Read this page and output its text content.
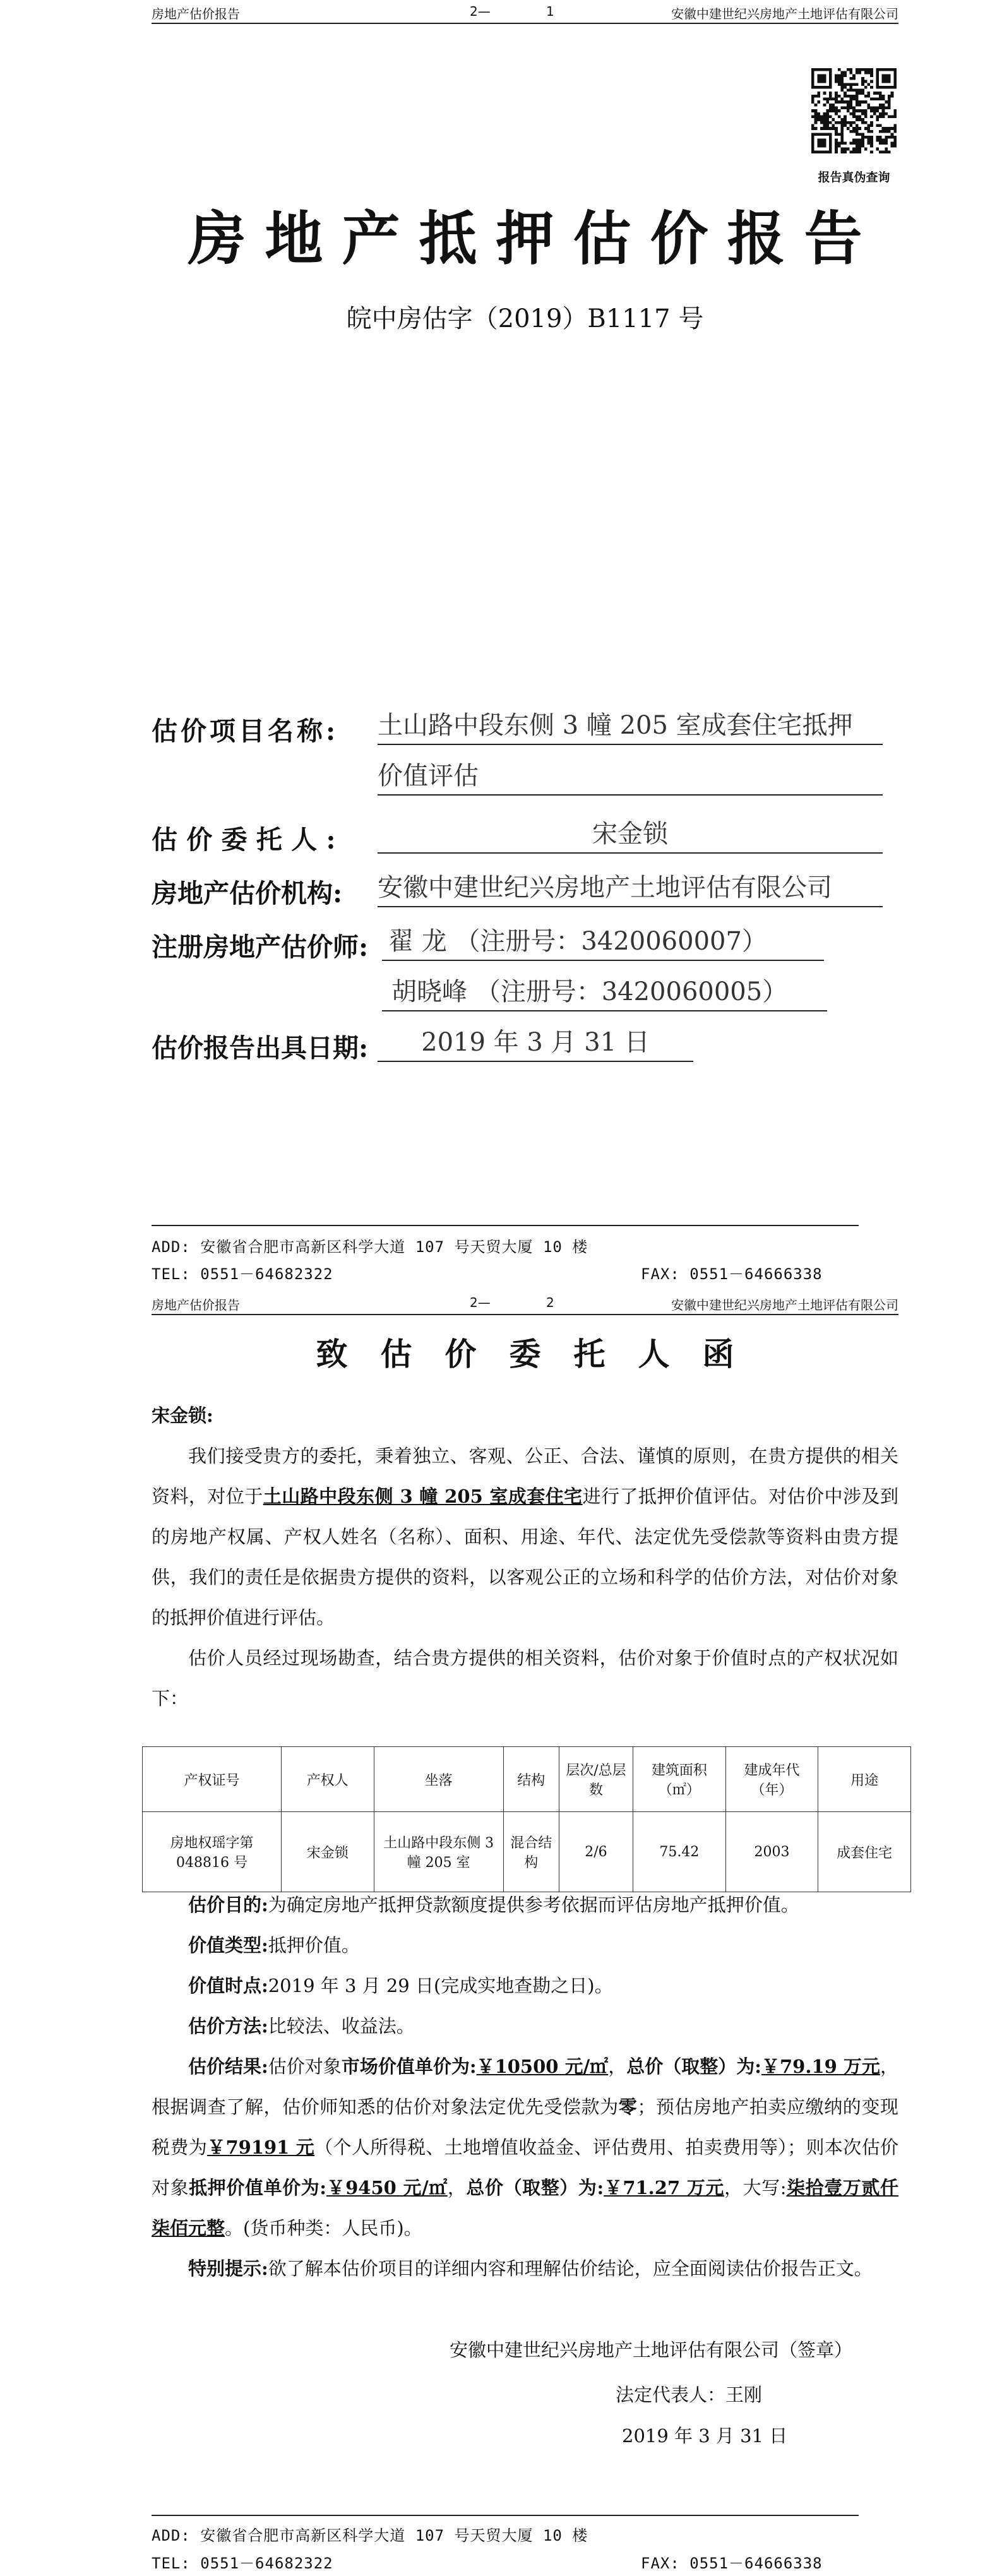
房地产估价报告	2—	1	安徽中建世纪兴房地产土地评估有限公司
报告真伪查询
房地产抵押估价报告
皖中房估字（2019）B1117 号
估价项目名称: 土山路中段东侧 3 幢 205 室成套住宅抵押
价值评估
估 价 委 托 人 :	宋金锁
房地产估价机构: 安徽中建世纪兴房地产土地评估有限公司
注册房地产估价师: 翟 龙 （注册号：3420060007）
胡晓峰 （注册号：3420060005）
估价报告出具日期:	2019 年 3 月 31 日
ADD: 安徽省合肥市高新区科学大道 107 号天贸大厦 10 楼
TEL: 0551－64682322	FAX: 0551－64666338
房地产估价报告	2—	2	安徽中建世纪兴房地产土地评估有限公司
致估价委托人函

宋金锁:

我们接受贵方的委托，秉着独立、客观、公正、合法、谨慎的原则，在贵方提供的相关资料，对位于土山路中段东侧 3 幢 205 室成套住宅进行了抵押价值评估。对估价中涉及到的房地产权属、产权人姓名（名称）、面积、用途、年代、法定优先受偿款等资料由贵方提供，我们的责任是依据贵方提供的资料，以客观公正的立场和科学的估价方法，对估价对象的抵押价值进行评估。

估价人员经过现场勘查，结合贵方提供的相关资料，估价对象于价值时点的产权状况如下：

产权证号	产权人	坐落	结构	层次/总层数	建筑面积（㎡）	建成年代（年）	用途
房地权瑶字第 048816 号	宋金锁	土山路中段东侧 3 幢 205 室	混合结构	2/6	75.42	2003	成套住宅

估价目的:为确定房地产抵押贷款额度提供参考依据而评估房地产抵押价值。

价值类型:抵押价值。

价值时点:2019 年 3 月 29 日(完成实地查勘之日)。

估价方法:比较法、收益法。

估价结果:估价对象市场价值单价为:￥10500 元/㎡，总价（取整）为:￥79.19 万元，根据调查了解，估价师知悉的估价对象法定优先受偿款为零；预估房地产拍卖应缴纳的变现税费为￥79191 元（个人所得税、土地增值收益金、评估费用、拍卖费用等）；则本次估价对象抵押价值单价为:￥9450 元/㎡，总价（取整）为:￥71.27 万元，大写:柒拾壹万贰仟柒佰元整。(货币种类：人民币)。

特别提示:欲了解本估价项目的详细内容和理解估价结论，应全面阅读估价报告正文。

安徽中建世纪兴房地产土地评估有限公司（签章）
法定代表人：王刚
2019 年 3 月 31 日
ADD: 安徽省合肥市高新区科学大道 107 号天贸大厦 10 楼
TEL: 0551－64682322	FAX: 0551－64666338
